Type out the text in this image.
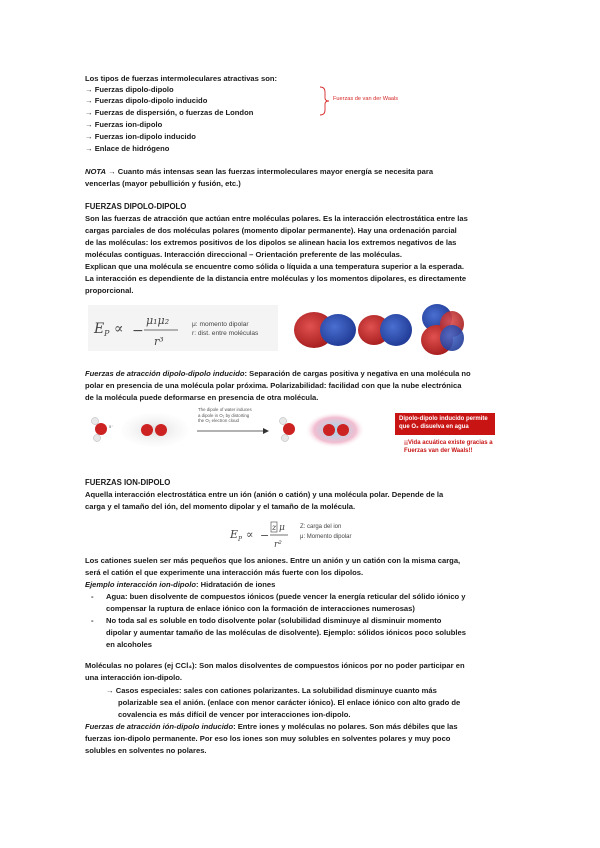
Los tipos de fuerzas intermoleculares atractivas son:
→ Fuerzas dipolo-dipolo
→ Fuerzas dipolo-dipolo inducido
→ Fuerzas de dispersión, o fuerzas de London
→ Fuerzas ion-dipolo
→ Fuerzas ion-dipolo inducido
→ Enlace de hidrógeno
Fuerzas de van der Waals
NOTA → Cuanto más intensas sean las fuerzas intermoleculares mayor energía se necesita para
vencerlas (mayor pebullición y fusión, etc.)
FUERZAS DIPOLO-DIPOLO
Son las fuerzas de atracción que actúan entre moléculas polares. Es la interacción electrostática entre las
cargas parciales de dos moléculas polares (momento dipolar permanente). Hay una ordenación parcial
de las moléculas: los extremos positivos de los dipolos se alinean hacia los extremos negativos de las
moléculas contiguas. Interacción direccional – Orientación preferente de las moléculas.
Explican que una molécula se encuentre como sólida o líquida a una temperatura superior a la esperada.
La interacción es dependiente de la distancia entre moléculas y los momentos dipolares, es directamente
proporcional.
E P ∝ −
μ₁μ₂
r³
μ: momento dipolar
r: dist. entre moléculas
Fuerzas de atracción dipolo-dipolo inducido: Separación de cargas positiva y negativa en una molécula no
polar en presencia de una molécula polar próxima. Polarizabilidad: facilidad con que la nube electrónica
de la molécula puede deformarse en presencia de otra molécula.
δ⁻
The dipole of water induces
a dipole in O₂ by distorting
the O₂ electron cloud	Dipolo-dipolo inducido permite
que O₂ disuelva en agua
¡¡Vida acuática existe gracias a
Fuerzas van der Waals!!
FUERZAS ION-DIPOLO
Aquella interacción electrostática entre un ión (anión o catión) y una molécula polar. Depende de la
carga y el tamaño del ión, del momento dipolar y el tamaño de la molécula.
E P ∝ −
z μ
r²
Z: carga del ion
μ: Momento dipolar
Los cationes suelen ser más pequeños que los aniones. Entre un anión y un catión con la misma carga,
será el catión el que experimente una interacción más fuerte con los dipolos.
Ejemplo interacción ion-dipolo: Hidratación de iones
- Agua: buen disolvente de compuestos iónicos (puede vencer la energía reticular del sólido iónico y
compensar la ruptura de enlace iónico con la formación de interacciones numerosas)
- No toda sal es soluble en todo disolvente polar (solubilidad disminuye al disminuir momento
dipolar y aumentar tamaño de las moléculas de disolvente). Ejemplo: sólidos iónicos poco solubles
en alcoholes
Moléculas no polares (ej CCl₄): Son malos disolventes de compuestos iónicos por no poder participar en
una interacción ion-dipolo.
→ Casos especiales: sales con cationes polarizantes. La solubilidad disminuye cuanto más
polarizable sea el anión. (enlace con menor carácter iónico). El enlace iónico con alto grado de
covalencia es más difícil de vencer por interacciones ion-dipolo.
Fuerzas de atracción ión-dipolo inducido: Entre iones y moléculas no polares. Son más débiles que las
fuerzas ion-dipolo permanente. Por eso los iones son muy solubles en solventes polares y muy poco
solubles en solventes no polares.
